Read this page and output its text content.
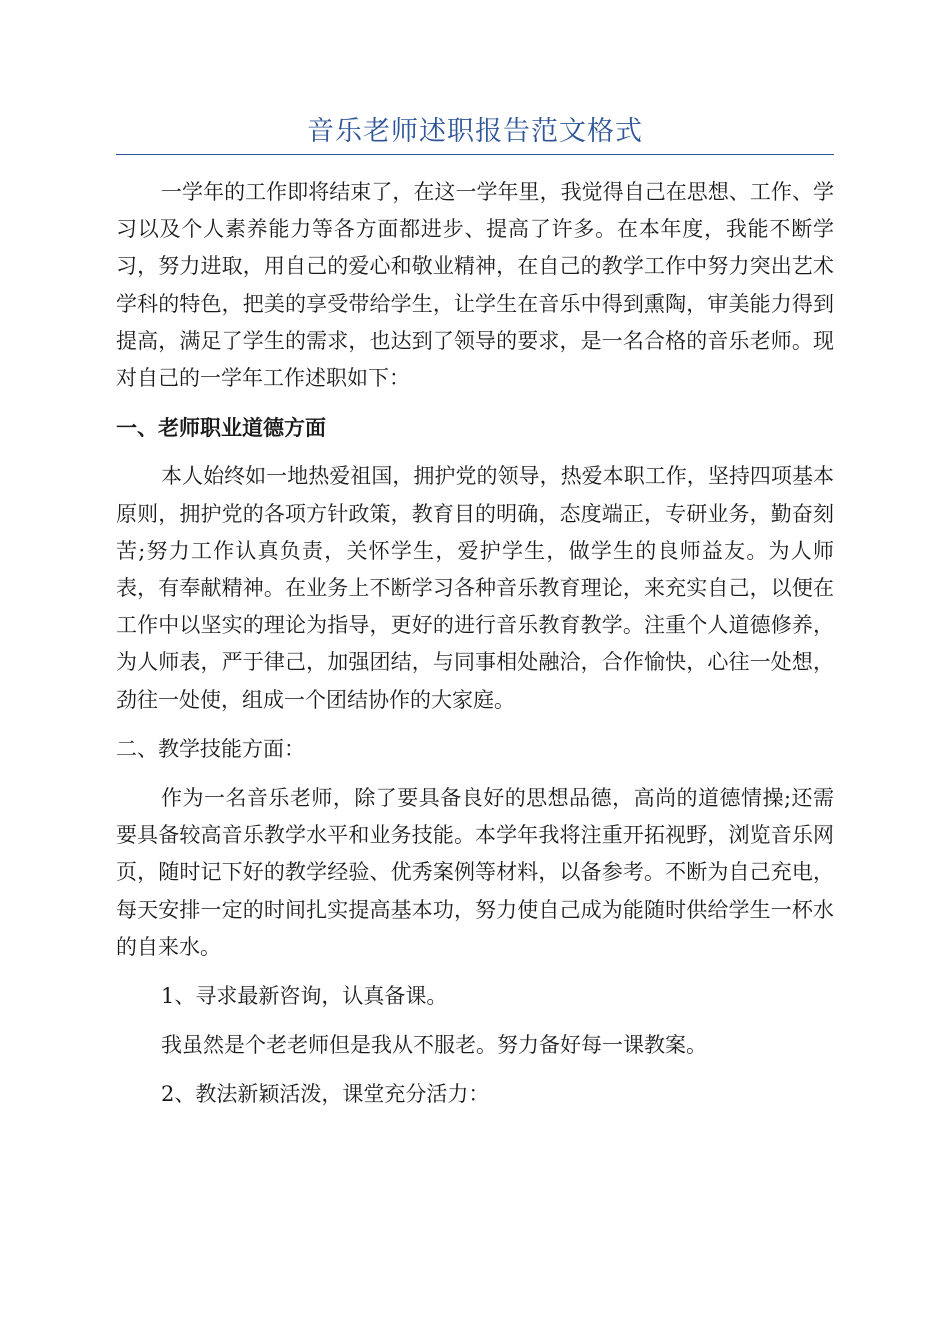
音乐老师述职报告范文格式

一学年的工作即将结束了，在这一学年里，我觉得自己在思想、工作、学习以及个人素养能力等各方面都进步、提高了许多。在本年度，我能不断学习，努力进取，用自己的爱心和敬业精神，在自己的教学工作中努力突出艺术学科的特色，把美的享受带给学生，让学生在音乐中得到熏陶，审美能力得到提高，满足了学生的需求，也达到了领导的要求，是一名合格的音乐老师。现对自己的一学年工作述职如下：

一、老师职业道德方面

本人始终如一地热爱祖国，拥护党的领导，热爱本职工作，坚持四项基本原则，拥护党的各项方针政策，教育目的明确，态度端正，专研业务，勤奋刻苦;努力工作认真负责，关怀学生，爱护学生，做学生的良师益友。为人师表，有奉献精神。在业务上不断学习各种音乐教育理论，来充实自己，以便在工作中以坚实的理论为指导，更好的进行音乐教育教学。注重个人道德修养，为人师表，严于律己，加强团结，与同事相处融洽，合作愉快，心往一处想，劲往一处使，组成一个团结协作的大家庭。

二、教学技能方面：

作为一名音乐老师，除了要具备良好的思想品德，高尚的道德情操;还需要具备较高音乐教学水平和业务技能。本学年我将注重开拓视野，浏览音乐网页，随时记下好的教学经验、优秀案例等材料，以备参考。不断为自己充电，每天安排一定的时间扎实提高基本功，努力使自己成为能随时供给学生一杯水的自来水。

1、寻求最新咨询，认真备课。

我虽然是个老老师但是我从不服老。努力备好每一课教案。

2、教法新颖活泼，课堂充分活力：
